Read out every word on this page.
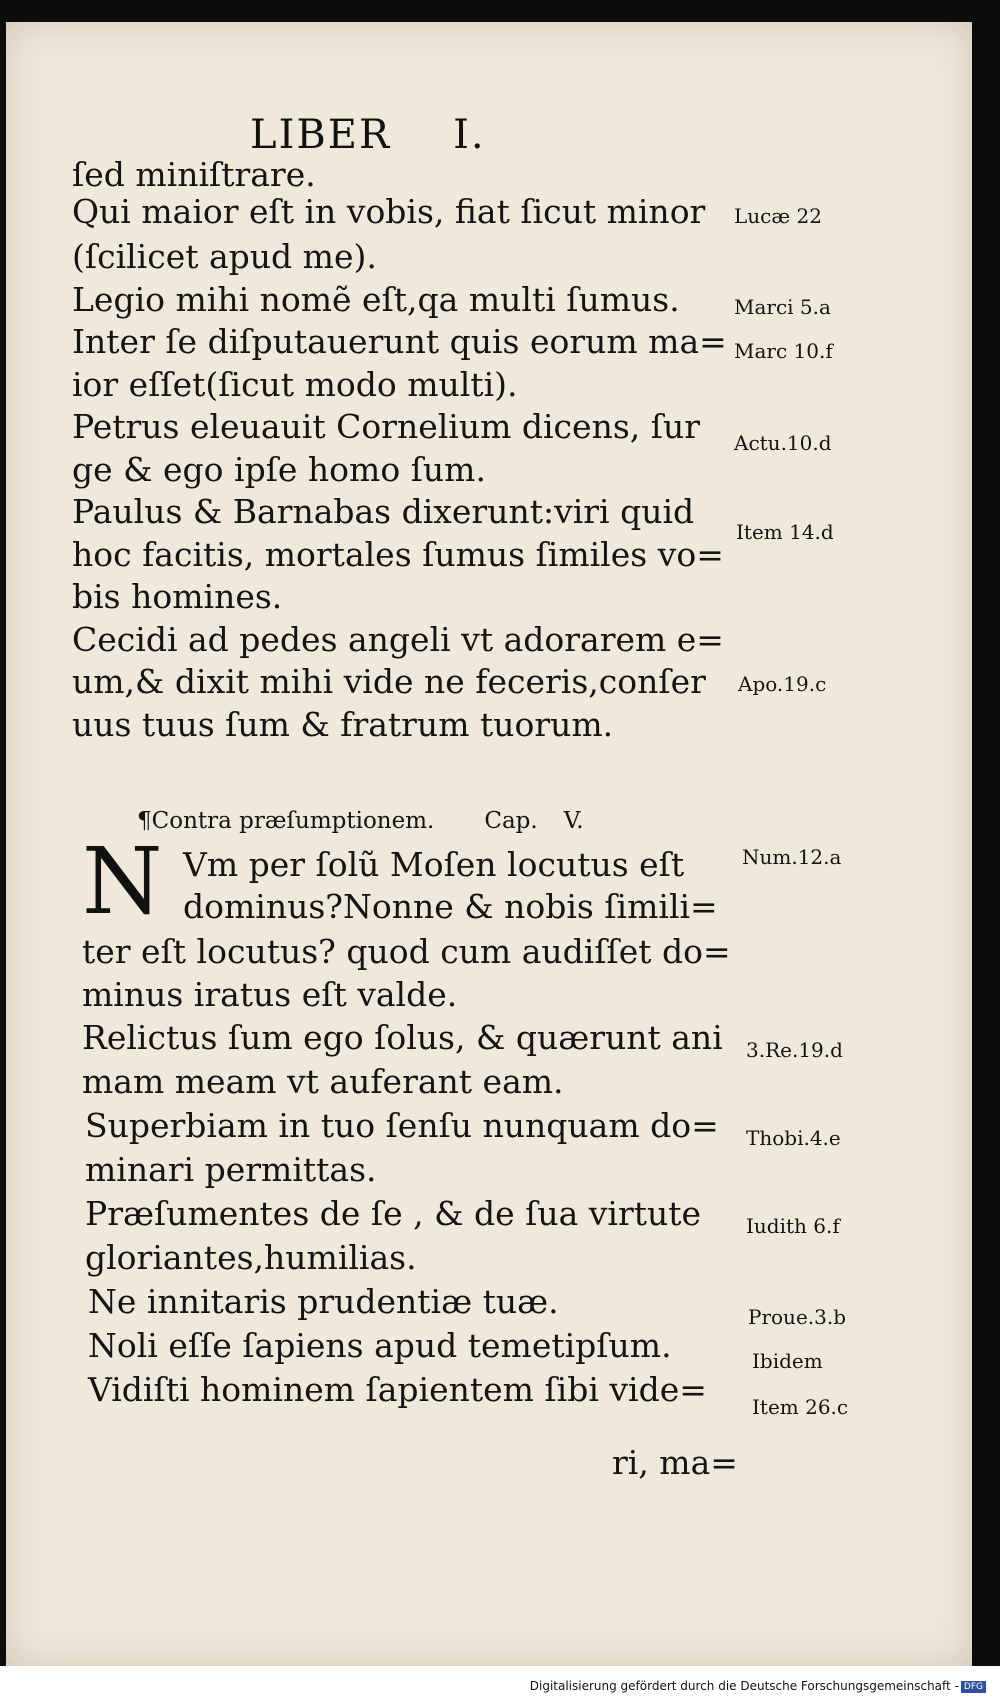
LIBER I.
ſed miniſtrare.
Qui maior eſt in vobis, fiat ſicut minor
(ſcilicet apud me).
Legio mihi nomẽ eſt,qa multi ſumus.
Inter ſe diſputauerunt quis eorum ma=
ior eſſet(ſicut modo multi).
Petrus eleuauit Cornelium dicens, ſur
ge & ego ipſe homo ſum.
Paulus & Barnabas dixerunt:viri quid
hoc facitis, mortales ſumus ſimiles vo=
bis homines.
Cecidi ad pedes angeli vt adorarem e=
um,& dixit mihi vide ne feceris,conſer
uus tuus ſum & fratrum tuorum.
¶Contra præſumptionem. Cap. V.
N Vm per ſolũ Moſen locutus eſt
dominus?Nonne & nobis ſimili=
ter eſt locutus? quod cum audiſſet do=
minus iratus eſt valde.
Relictus ſum ego ſolus, & quærunt ani
mam meam vt auferant eam.
Superbiam in tuo ſenſu nunquam do=
minari permittas.
Præſumentes de ſe , & de ſua virtute
gloriantes,humilias.
Ne innitaris prudentiæ tuæ.
Noli eſſe ſapiens apud temetipſum.
Vidiſti hominem ſapientem ſibi vide=
ri, ma=
Lucæ 22
Marci 5.a
Marc 10.f
Actu.10.d
Item 14.d
Apo.19.c
Num.12.a
3.Re.19.d
Thobi.4.e
Iudith 6.f
Proue.3.b
Ibidem
Item 26.c
Digitalisierung gefördert durch die Deutsche Forschungsgemeinschaft - DFG
